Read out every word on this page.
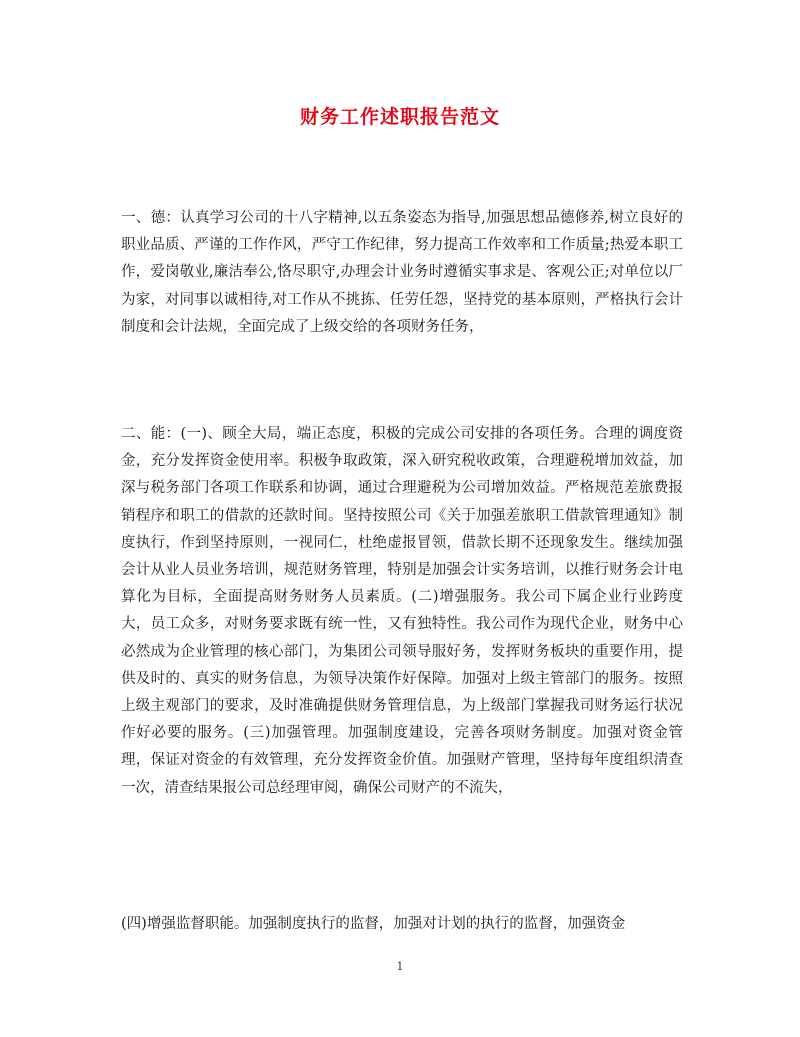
财务工作述职报告范文

一、德：认真学习公司的十八字精神,以五条姿态为指导,加强思想品德修养,树立良好的职业品质、严谨的工作作风，严守工作纪律，努力提高工作效率和工作质量;热爱本职工作，爱岗敬业,廉洁奉公,恪尽职守,办理会计业务时遵循实事求是、客观公正;对单位以厂为家，对同事以诚相待,对工作从不挑拣、任劳任怨，坚持党的基本原则，严格执行会计制度和会计法规，全面完成了上级交给的各项财务任务，

二、能：(一)、顾全大局，端正态度，积极的完成公司安排的各项任务。合理的调度资金，充分发挥资金使用率。积极争取政策，深入研究税收政策，合理避税增加效益，加深与税务部门各项工作联系和协调，通过合理避税为公司增加效益。严格规范差旅费报销程序和职工的借款的还款时间。坚持按照公司《关于加强差旅职工借款管理通知》制度执行，作到坚持原则，一视同仁，杜绝虚报冒领，借款长期不还现象发生。继续加强会计从业人员业务培训，规范财务管理，特别是加强会计实务培训，以推行财务会计电算化为目标，全面提高财务财务人员素质。(二)增强服务。我公司下属企业行业跨度大，员工众多，对财务要求既有统一性，又有独特性。我公司作为现代企业，财务中心必然成为企业管理的核心部门，为集团公司领导服好务，发挥财务板块的重要作用，提供及时的、真实的财务信息，为领导决策作好保障。加强对上级主管部门的服务。按照上级主观部门的要求，及时准确提供财务管理信息，为上级部门掌握我司财务运行状况作好必要的服务。(三)加强管理。加强制度建设，完善各项财务制度。加强对资金管理，保证对资金的有效管理，充分发挥资金价值。加强财产管理，坚持每年度组织清查一次，清查结果报公司总经理审阅，确保公司财产的不流失，

(四)增强监督职能。加强制度执行的监督，加强对计划的执行的监督，加强资金

1
